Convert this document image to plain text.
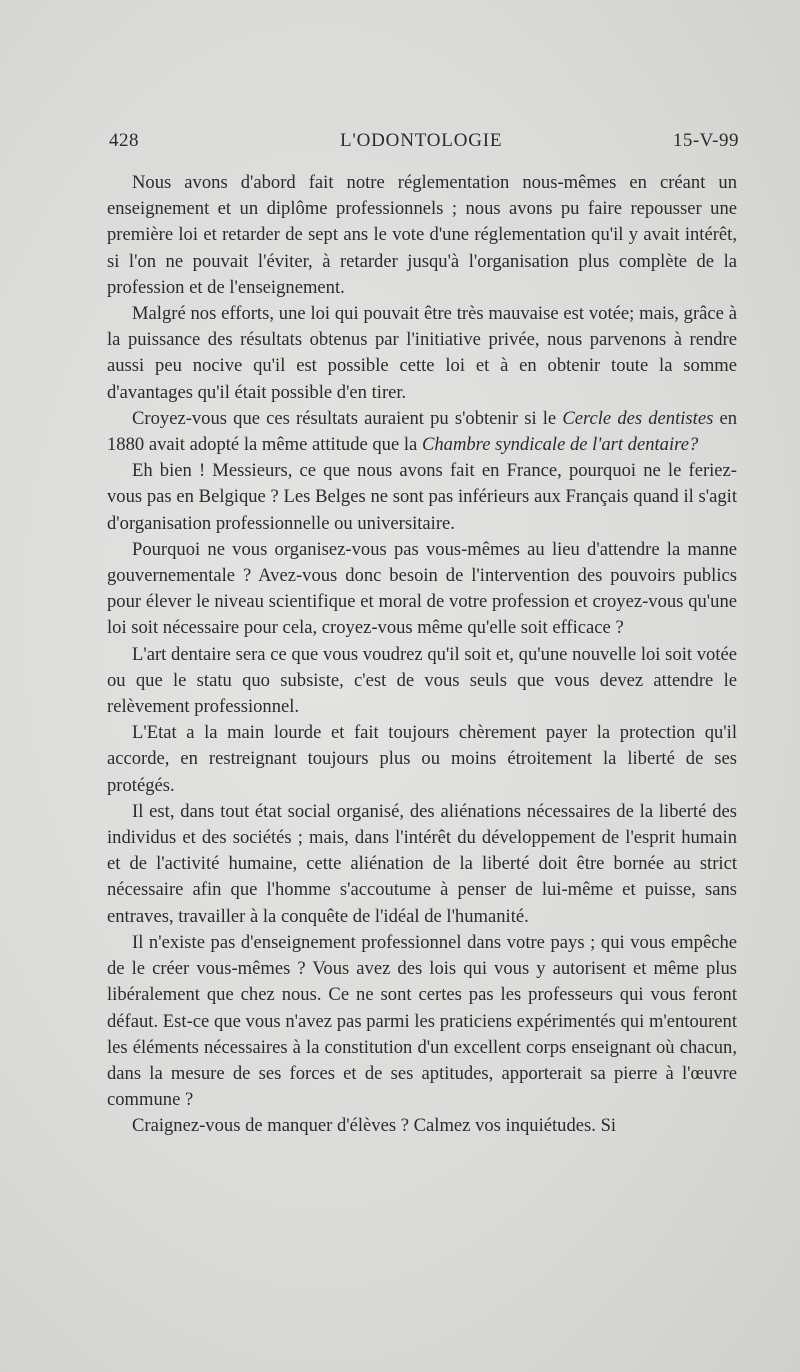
428	L'ODONTOLOGIE	15-V-99

Nous avons d'abord fait notre réglementation nous-mêmes en créant un enseignement et un diplôme professionnels ; nous avons pu faire repousser une première loi et retarder de sept ans le vote d'une réglementation qu'il y avait intérêt, si l'on ne pouvait l'éviter, à retarder jusqu'à l'organisation plus complète de la profession et de l'enseignement.

Malgré nos efforts, une loi qui pouvait être très mauvaise est votée; mais, grâce à la puissance des résultats obtenus par l'initiative privée, nous parvenons à rendre aussi peu nocive qu'il est possible cette loi et à en obtenir toute la somme d'avantages qu'il était possible d'en tirer.

Croyez-vous que ces résultats auraient pu s'obtenir si le Cercle des dentistes en 1880 avait adopté la même attitude que la Chambre syndicale de l'art dentaire?

Eh bien ! Messieurs, ce que nous avons fait en France, pourquoi ne le feriez-vous pas en Belgique ? Les Belges ne sont pas inférieurs aux Français quand il s'agit d'organisation professionnelle ou universitaire.

Pourquoi ne vous organisez-vous pas vous-mêmes au lieu d'attendre la manne gouvernementale ? Avez-vous donc besoin de l'intervention des pouvoirs publics pour élever le niveau scientifique et moral de votre profession et croyez-vous qu'une loi soit nécessaire pour cela, croyez-vous même qu'elle soit efficace ?

L'art dentaire sera ce que vous voudrez qu'il soit et, qu'une nouvelle loi soit votée ou que le statu quo subsiste, c'est de vous seuls que vous devez attendre le relèvement professionnel.

L'Etat a la main lourde et fait toujours chèrement payer la protection qu'il accorde, en restreignant toujours plus ou moins étroitement la liberté de ses protégés.

Il est, dans tout état social organisé, des aliénations nécessaires de la liberté des individus et des sociétés ; mais, dans l'intérêt du développement de l'esprit humain et de l'activité humaine, cette aliénation de la liberté doit être bornée au strict nécessaire afin que l'homme s'accoutume à penser de lui-même et puisse, sans entraves, travailler à la conquête de l'idéal de l'humanité.

Il n'existe pas d'enseignement professionnel dans votre pays ; qui vous empêche de le créer vous-mêmes ? Vous avez des lois qui vous y autorisent et même plus libéralement que chez nous. Ce ne sont certes pas les professeurs qui vous feront défaut. Est-ce que vous n'avez pas parmi les praticiens expérimentés qui m'entourent les éléments nécessaires à la constitution d'un excellent corps enseignant où chacun, dans la mesure de ses forces et de ses aptitudes, apporterait sa pierre à l'œuvre commune ?

Craignez-vous de manquer d'élèves ? Calmez vos inquiétudes. Si
